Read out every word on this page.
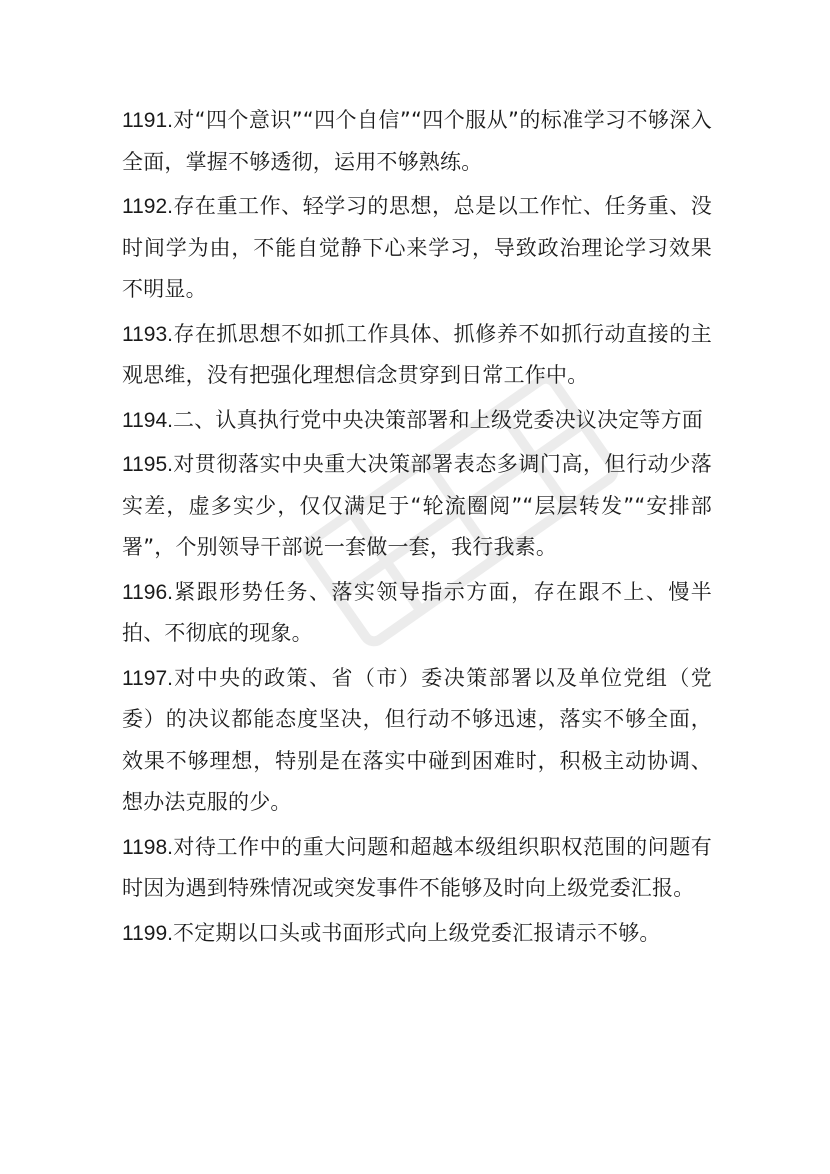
1191.对“四个意识”“四个自信”“四个服从”的标准学习不够深入全面，掌握不够透彻，运用不够熟练。

1192.存在重工作、轻学习的思想，总是以工作忙、任务重、没时间学为由，不能自觉静下心来学习，导致政治理论学习效果不明显。

1193.存在抓思想不如抓工作具体、抓修养不如抓行动直接的主观思维，没有把强化理想信念贯穿到日常工作中。

1194.二、认真执行党中央决策部署和上级党委决议决定等方面

1195.对贯彻落实中央重大决策部署表态多调门高，但行动少落实差，虚多实少，仅仅满足于“轮流圈阅”“层层转发”“安排部署”，个别领导干部说一套做一套，我行我素。

1196.紧跟形势任务、落实领导指示方面，存在跟不上、慢半拍、不彻底的现象。

1197.对中央的政策、省（市）委决策部署以及单位党组（党委）的决议都能态度坚决，但行动不够迅速，落实不够全面，效果不够理想，特别是在落实中碰到困难时，积极主动协调、想办法克服的少。

1198.对待工作中的重大问题和超越本级组织职权范围的问题有时因为遇到特殊情况或突发事件不能够及时向上级党委汇报。

1199.不定期以口头或书面形式向上级党委汇报请示不够。
